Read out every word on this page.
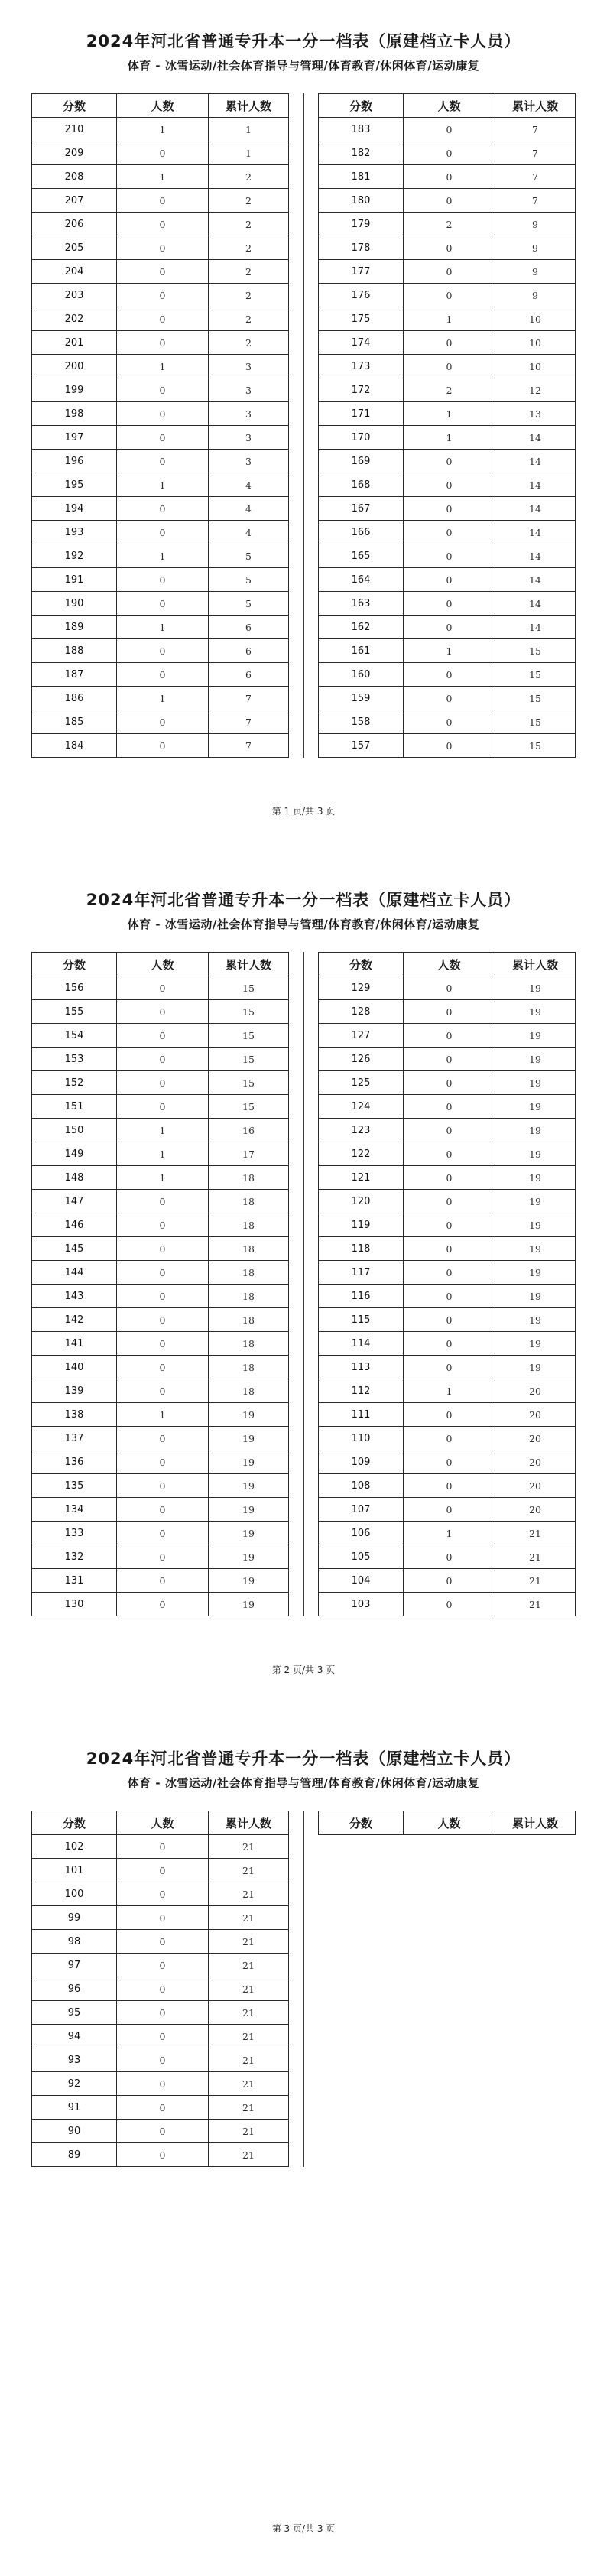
2024年河北省普通专升本一分一档表（原建档立卡人员）
体育 - 冰雪运动/社会体育指导与管理/体育教育/休闲体育/运动康复
分数	人数	累计人数
210	1	1
209	0	1
208	1	2
207	0	2
206	0	2
205	0	2
204	0	2
203	0	2
202	0	2
201	0	2
200	1	3
199	0	3
198	0	3
197	0	3
196	0	3
195	1	4
194	0	4
193	0	4
192	1	5
191	0	5
190	0	5
189	1	6
188	0	6
187	0	6
186	1	7
185	0	7
184	0	7
分数	人数	累计人数
183	0	7
182	0	7
181	0	7
180	0	7
179	2	9
178	0	9
177	0	9
176	0	9
175	1	10
174	0	10
173	0	10
172	2	12
171	1	13
170	1	14
169	0	14
168	0	14
167	0	14
166	0	14
165	0	14
164	0	14
163	0	14
162	0	14
161	1	15
160	0	15
159	0	15
158	0	15
157	0	15
第 1 页/共 3 页
2024年河北省普通专升本一分一档表（原建档立卡人员）
体育 - 冰雪运动/社会体育指导与管理/体育教育/休闲体育/运动康复
分数	人数	累计人数
156	0	15
155	0	15
154	0	15
153	0	15
152	0	15
151	0	15
150	1	16
149	1	17
148	1	18
147	0	18
146	0	18
145	0	18
144	0	18
143	0	18
142	0	18
141	0	18
140	0	18
139	0	18
138	1	19
137	0	19
136	0	19
135	0	19
134	0	19
133	0	19
132	0	19
131	0	19
130	0	19
分数	人数	累计人数
129	0	19
128	0	19
127	0	19
126	0	19
125	0	19
124	0	19
123	0	19
122	0	19
121	0	19
120	0	19
119	0	19
118	0	19
117	0	19
116	0	19
115	0	19
114	0	19
113	0	19
112	1	20
111	0	20
110	0	20
109	0	20
108	0	20
107	0	20
106	1	21
105	0	21
104	0	21
103	0	21
第 2 页/共 3 页
2024年河北省普通专升本一分一档表（原建档立卡人员）
体育 - 冰雪运动/社会体育指导与管理/体育教育/休闲体育/运动康复
分数	人数	累计人数
102	0	21
101	0	21
100	0	21
99	0	21
98	0	21
97	0	21
96	0	21
95	0	21
94	0	21
93	0	21
92	0	21
91	0	21
90	0	21
89	0	21
分数	人数	累计人数
第 3 页/共 3 页
